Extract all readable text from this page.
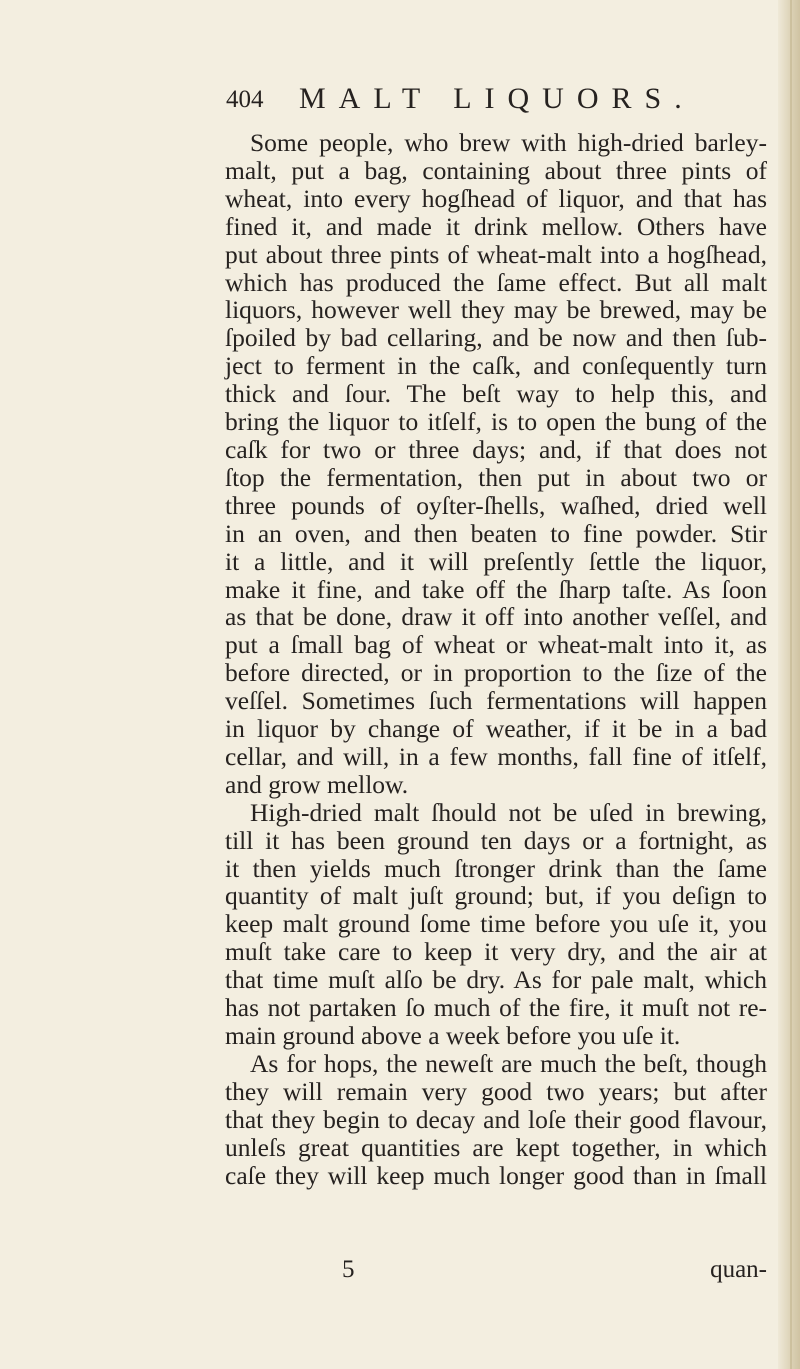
404 MALT LIQUORS.
Some people, who brew with high-dried barley-
malt, put a bag, containing about three pints of
wheat, into every hogſhead of liquor, and that has
fined it, and made it drink mellow. Others have
put about three pints of wheat-malt into a hogſhead,
which has produced the ſame effect. But all malt
liquors, however well they may be brewed, may be
ſpoiled by bad cellaring, and be now and then ſub-
ject to ferment in the caſk, and conſequently turn
thick and ſour. The beſt way to help this, and
bring the liquor to itſelf, is to open the bung of the
caſk for two or three days; and, if that does not
ſtop the fermentation, then put in about two or
three pounds of oyſter-ſhells, waſhed, dried well
in an oven, and then beaten to fine powder. Stir
it a little, and it will preſently ſettle the liquor,
make it fine, and take off the ſharp taſte. As ſoon
as that be done, draw it off into another veſſel, and
put a ſmall bag of wheat or wheat-malt into it, as
before directed, or in proportion to the ſize of the
veſſel. Sometimes ſuch fermentations will happen
in liquor by change of weather, if it be in a bad
cellar, and will, in a few months, fall fine of itſelf,
and grow mellow.
High-dried malt ſhould not be uſed in brewing,
till it has been ground ten days or a fortnight, as
it then yields much ſtronger drink than the ſame
quantity of malt juſt ground; but, if you deſign to
keep malt ground ſome time before you uſe it, you
muſt take care to keep it very dry, and the air at
that time muſt alſo be dry. As for pale malt, which
has not partaken ſo much of the fire, it muſt not re-
main ground above a week before you uſe it.
As for hops, the neweſt are much the beſt, though
they will remain very good two years; but after
that they begin to decay and loſe their good flavour,
unleſs great quantities are kept together, in which
caſe they will keep much longer good than in ſmall
5	quan-
